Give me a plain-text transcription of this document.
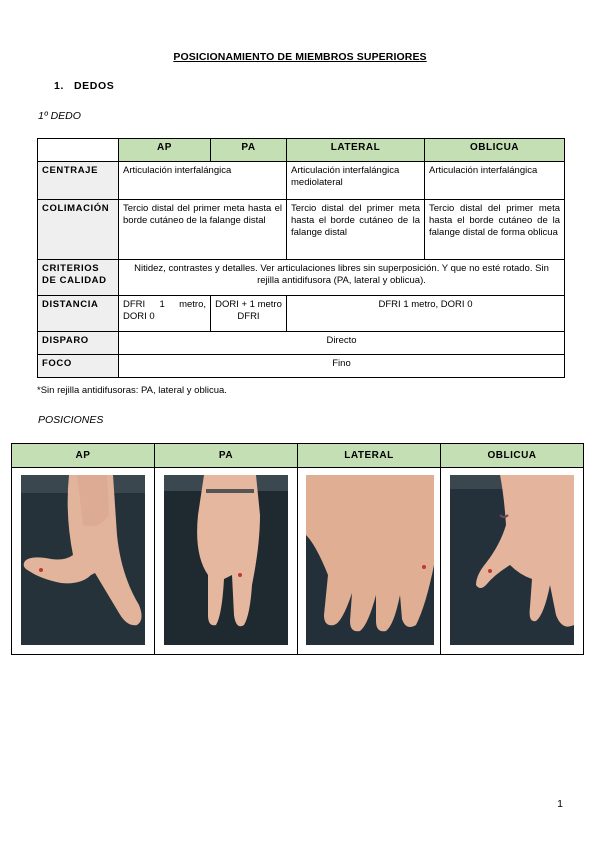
POSICIONAMIENTO DE MIEMBROS SUPERIORES
1. DEDOS
1º DEDO
	AP	PA	LATERAL	OBLICUA
CENTRAJE	Articulación interfalángica		Articulación interfalángica mediolateral	Articulación interfalángica
COLIMACIÓN	Tercio distal del primer meta hasta el borde cutáneo de la falange distal		Tercio distal del primer meta hasta el borde cutáneo de la falange distal	Tercio distal del primer meta hasta el borde cutáneo de la falange distal de forma oblicua
CRITERIOS DE CALIDAD	Nitidez, contrastes y detalles. Ver articulaciones libres sin superposición. Y que no esté rotado. Sin rejilla antidifusora (PA, lateral y oblicua).			
DISTANCIA	DFRI 1 metro, DORI 0	DORI + 1 metro DFRI	DFRI 1 metro, DORI 0	
DISPARO	Directo			
FOCO	Fino			
*Sin rejilla antidifusoras: PA, lateral y oblicua.
POSICIONES
AP	PA	LATERAL	OBLICUA

1
